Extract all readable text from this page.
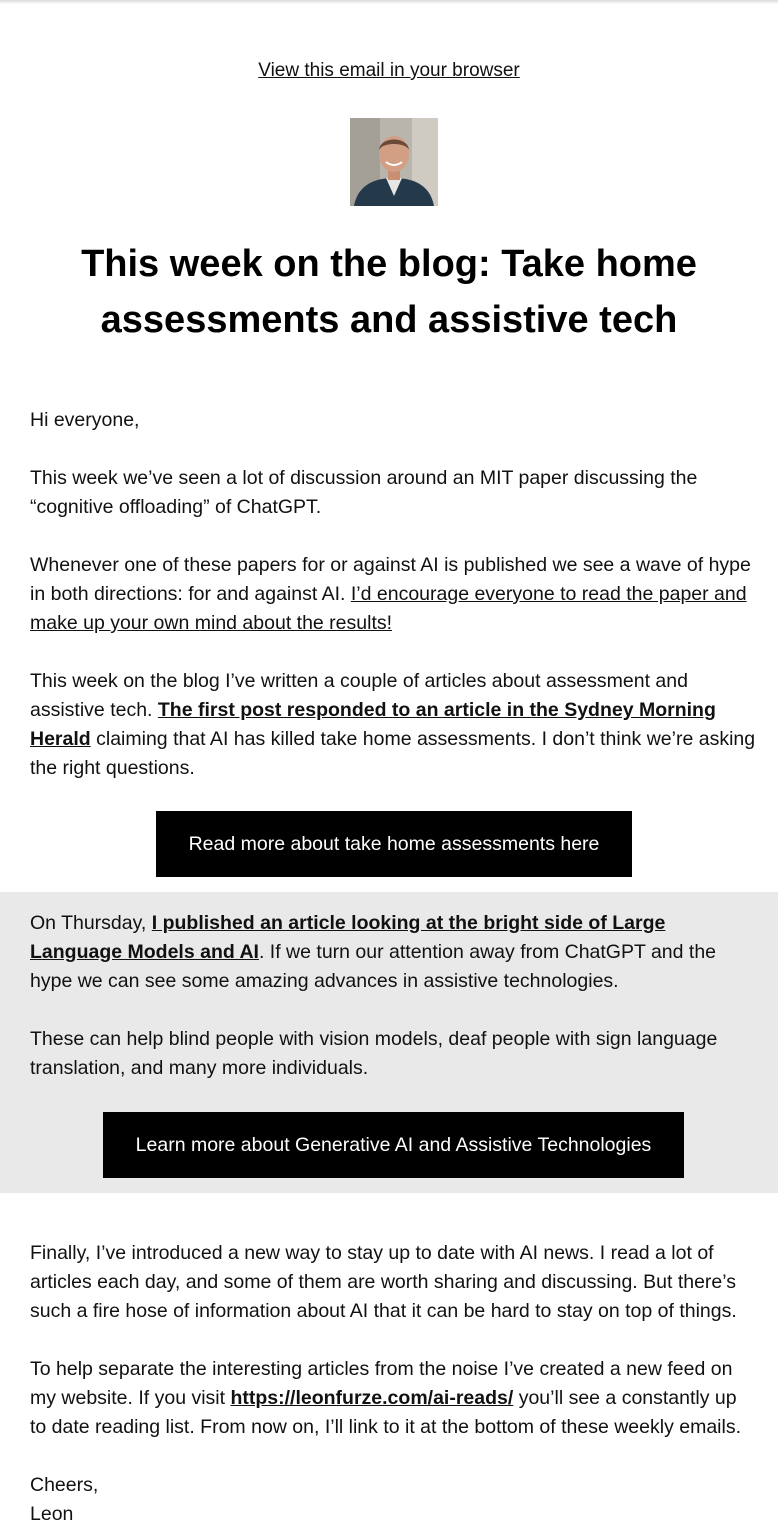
View this email in your browser
This week on the blog: Take home assessments and assistive tech

Hi everyone,

This week we’ve seen a lot of discussion around an MIT paper discussing the “cognitive offloading” of ChatGPT.

Whenever one of these papers for or against AI is published we see a wave of hype in both directions: for and against AI. I’d encourage everyone to read the paper and make up your own mind about the results!

This week on the blog I’ve written a couple of articles about assessment and assistive tech. The first post responded to an article in the Sydney Morning Herald claiming that AI has killed take home assessments. I don’t think we’re asking the right questions.

Read more about take home assessments here

On Thursday, I published an article looking at the bright side of Large Language Models and AI. If we turn our attention away from ChatGPT and the hype we can see some amazing advances in assistive technologies.

These can help blind people with vision models, deaf people with sign language translation, and many more individuals.

Learn more about Generative AI and Assistive Technologies

Finally, I’ve introduced a new way to stay up to date with AI news. I read a lot of articles each day, and some of them are worth sharing and discussing. But there’s such a fire hose of information about AI that it can be hard to stay on top of things.

To help separate the interesting articles from the noise I’ve created a new feed on my website. If you visit https://leonfurze.com/ai-reads/ you’ll see a constantly up to date reading list. From now on, I’ll link to it at the bottom of these weekly emails.

Cheers,

Leon
